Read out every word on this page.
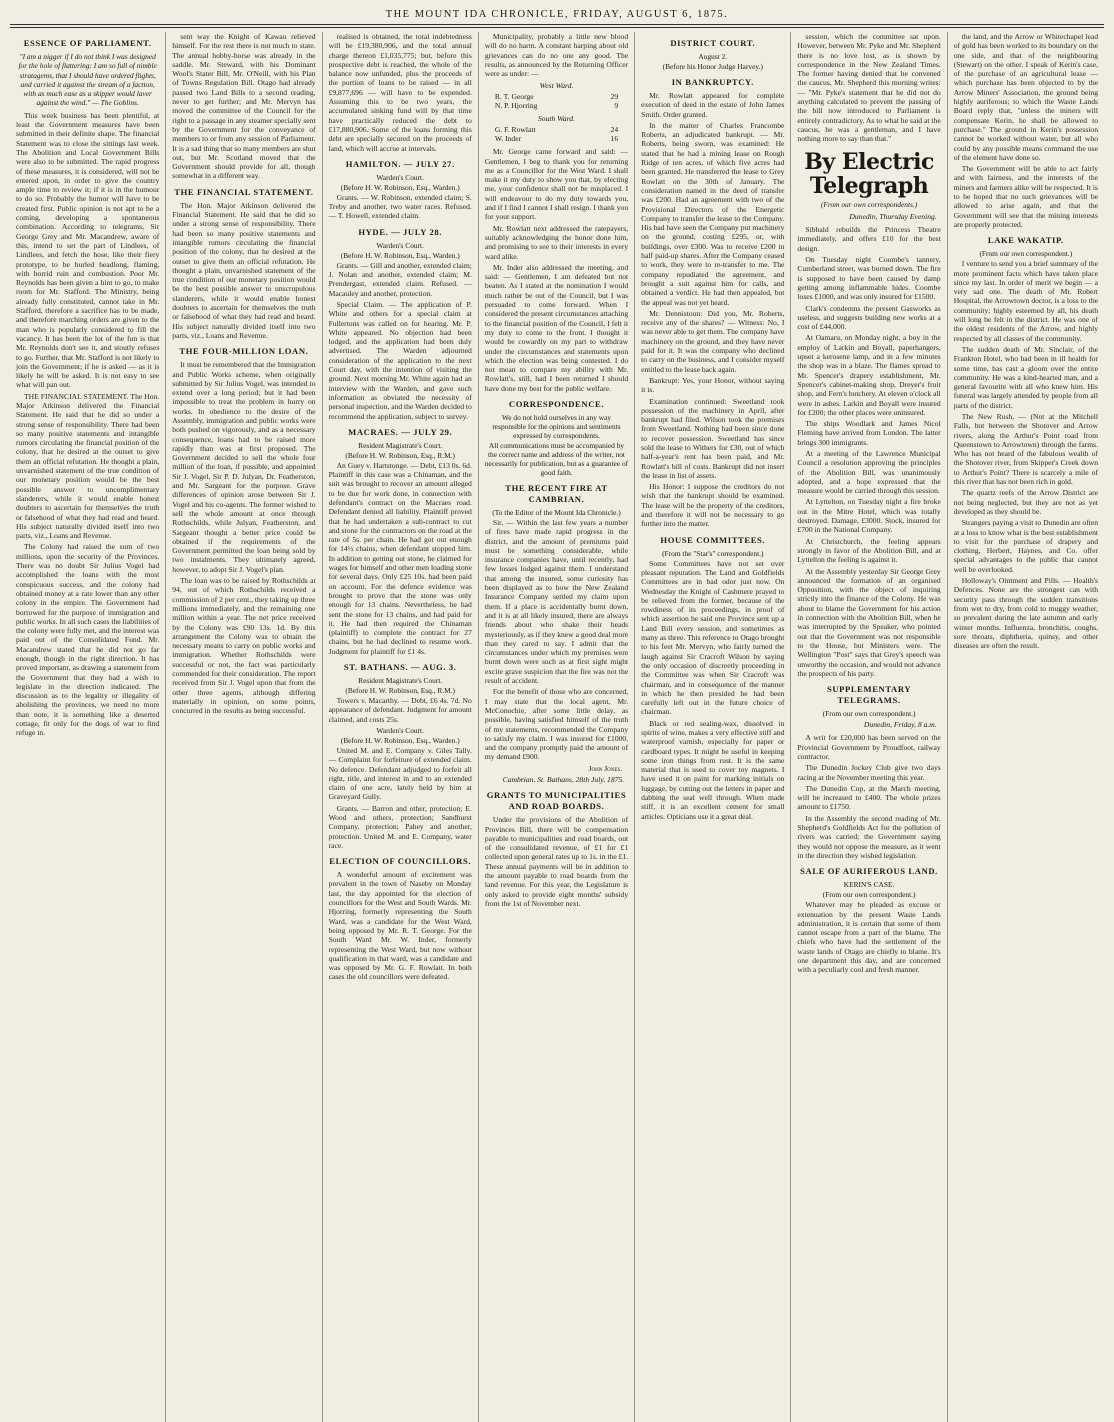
THE MOUNT IDA CHRONICLE, FRIDAY, AUGUST 6, 1875.
ESSENCE OF PARLIAMENT.
"I am a nigger if I do not think I was designed for the hole of flattering: I am so full of nimble stratagems, that I should have ordered flights, and carried it against the stream of a faction, with as much ease as a skipper would laver against the wind." — The Goblins.

This week business has been plentiful, at least the Government measures have been submitted in their definite shape. The financial Statement was to close the sittings last week. The Abolition and Local Government Bills were also to be submitted. The rapid progress of these measures, it is considered, will not be entered upon, in order to give the country ample time to review it; if it is in the humour to do so. Probably the humor will have to be created first. Public opinion is not apt to be a coming, developing a spontaneous combination. According to telegrams, Sir George Grey and Mr. Macandrew, aware of this, intend to set the part of Lindlees, of Lindlees, and fetch the hose, like their fiery prototype, to be hurled headlong, flaming, with horrid ruin and combustion. Poor Mr. Reynolds has been given a hint to go, to make room for Mr. Stafford. The Ministry, being already fully constituted, cannot take in Mr. Stafford, therefore a sacrifice has to be made, and therefore marching orders are given to the man who is popularly considered to fill the vacancy. It has been the lot of the fun is that Mr. Reynolds don't see it, and stoutly refuses to go. Further, that Mr. Stafford is not likely to join the Government; if he is asked — as it is likely he will be asked. It is not easy to see what will pan out.

THE FINANCIAL STATEMENT. The Hon. Major Atkinson delivered the Financial Statement. He said that he did so under a strong sense of responsibility. There had been so many positive statements and intangible rumors circulating the financial position of the colony, that he desired at the outset to give them an official refutation. He thought a plain, unvarnished statement of the true condition of our monetary position would be the best possible answer to uncomplimentary slanderers, while it would enable honest doubters to ascertain for themselves the truth or falsehood of what they had read and heard. His subject naturally divided itself into two parts, viz., Loans and Revenue.

The Colony had raised the sum of two millions, upon the security of the Provinces. There was no doubt Sir Julius Vogel had accomplished the loans with the most conspicuous success, and the colony had obtained money at a rate lower than any other colony in the empire. The Government had borrowed for the purpose of immigration and public works. In all such cases the liabilities of the colony were fully met, and the interest was paid out of the Consolidated Fund. Mr. Macandrew stated that he did not go far enough, though in the right direction. It has proved important, as drawing a statement from the Government that they had a wish to legislate in the direction indicated. The discussion as to the legality or illegality of abolishing the provinces, we need no more than note, it is something like a deserted cottage, fit only for the dogs of war to find refuge in.

sent way the Knight of Kawau relieved himself. For the rest there is not much to state. The annual hobby-horse was already in the saddle. Mr. Steward, with his Dominant Wool's Stater Bill, Mr. O'Neill, with his Plan of Towns Regulation Bill. Otago had already passed two Land Bills to a second reading, never to get further; and Mr. Mervyn has moved the committee of the Council for the right to a passage in any steamer specially sent by the Government for the conveyance of members to or from any session of Parliament. It is a sad thing that so many members are shut out, but Mr. Scotland moved that the Government should provide for all, though somewhat in a different way.

THE FINANCIAL STATEMENT.

The Hon. Major Atkinson delivered the Financial Statement. He said that he did so under a strong sense of responsibility. There had been so many positive statements and intangible rumors circulating the financial position of the colony, that he desired at the outset to give them an official refutation. He thought a plain, unvarnished statement of the true condition of our monetary position would be the best possible answer to unscrupulous slanderers, while it would enable honest doubters to ascertain for themselves the truth or falsehood of what they had read and heard. His subject naturally divided itself into two parts, viz., Loans and Revenue.

THE FOUR-MILLION LOAN.

It must be remembered that the Immigration and Public Works scheme, when originally submitted by Sir Julius Vogel, was intended to extend over a long period; but it had been impossible to treat the problem in hurry on works. In obedience to the desire of the Assembly, immigration and public works were both pushed on vigorously, and as a necessary consequence, loans had to be raised more rapidly than was at first proposed. The Government decided to sell the whole four million of the loan, if possible, and appointed Sir J. Vogel, Sir P. D. Julyan, Dr. Featherston, and Mr. Sargeant for the purpose. Grave differences of opinion arose between Sir J. Vogel and his co-agents. The former wished to sell the whole amount at once through Rothschilds, while Julyan, Featherston, and Sargeant thought a better price could be obtained if the requirements of the Government permitted the loan being sold by two instalments. They ultimately agreed, however, to adopt Sir J. Vogel's plan.

The loan was to be raised by Rothschilds at 94, out of which Rothschilds received a commission of 2 per cent., they taking up three millions immediately, and the remaining one million within a year. The net price received by the Colony was £90 13s. 1d. By this arrangement the Colony was to obtain the necessary means to carry on public works and immigration. Whether Rothschilds were successful or not, the fact was particularly commended for their consideration. The report received from Sir J. Vogel upon that from the other three agents, although differing materially in opinion, on some points, concurred in the results as being successful.

realised is obtained, the total indebtedness will be £19,380,906, and the total annual charge thereon £1,035,775; but, before this prospective debt is reached, the whole of the balance now unfunded, plus the proceeds of the portion of loans to be raised — in all £9,877,696 — will have to be expended. Assuming this to be two years, the accumulated sinking fund will by that time have practically reduced the debt to £17,880,906. Some of the loans forming this debt are specially secured on the proceeds of land, which will accrue at intervals.

HAMILTON. — JULY 27.
Warden's Court.
(Before H. W. Robinson, Esq., Warden.)

Grants. — W. Robinson, extended claim; S. Treby and another, two water races. Refused. — T. Howell, extended claim.

HYDE. — JULY 28.
Warden's Court.
(Before H. W. Robinson, Esq., Warden.)

Grants. — Gill and another, extended claim; J. Nolan and another, extended claim; M. Prendergast, extended claim. Refused. — Macauley and another, protection.

Special Claim. — The application of P. White and others for a special claim at Fullertons was called on for hearing. Mr. P. White appeared. No objection had been lodged, and the application had been duly advertised. The Warden adjourned consideration of the application to the next Court day, with the intention of visiting the ground. Next morning Mr. White again had an interview with the Warden, and gave such information as obviated the necessity of personal inspection, and the Warden decided to recommend the application, subject to survey.

MACRAES. — JULY 29.
Resident Magistrate's Court.
(Before H. W. Robinson, Esq., R.M.)

An Guey v. Hartstonge. — Debt, £13 0s. 6d. Plaintiff in this case was a Chinaman, and the suit was brought to recover an amount alleged to be due for work done, in connection with defendant's contract on the Macraes road. Defendant denied all liability. Plaintiff proved that he had undertaken a sub-contract to cut and stone for the contractors on the road at the rate of 5s. per chain. He had got out enough for 14½ chains, when defendant stopped him. In addition to getting out stone, he claimed for wages for himself and other men loading stone for several days. Only £25 10s. had been paid on account. For the defence evidence was brought to prove that the stone was only enough for 13 chains. Nevertheless, he had sent the stone for 13 chains, and had paid for it. He had then required the Chinaman (plaintiff) to complete the contract for 27 chains, but he had declined to resume work. Judgment for plaintiff for £1 4s.

ST. BATHANS. — AUG. 3.
Resident Magistrate's Court.
(Before H. W. Robinson, Esq., R.M.)

Towers v. Macarthy. — Debt, £6 4s. 7d. No appearance of defendant. Judgment for amount claimed, and costs 25s.

Warden's Court.
(Before H. W. Robinson, Esq., Warden.)

United M. and E. Company v. Giles Tally. — Complaint for forfeiture of extended claim. No defence. Defendant adjudged to forfeit all right, title, and interest in and to an extended claim of one acre, lately held by him at Graveyard Gully.

Grants. — Barron and other, protection; E. Wood and others, protection; Sandhurst Company, protection; Pahey and another, protection. United M. and E. Company, water race.

ELECTION OF COUNCILLORS.

A wonderful amount of excitement was prevalent in the town of Naseby on Monday last, the day appointed for the election of councillors for the West and South Wards. Mr. Hjorring, formerly representing the South Ward, was a candidate for the West Ward, being opposed by Mr. R. T. George. For the South Ward Mr. W. Inder, formerly representing the West Ward, but now without qualification in that ward, was a candidate and was opposed by Mr. G. F. Rowlatt. In both cases the old councillors were defeated.

Municipality, probably a little new blood will do no harm. A constant harping about old grievances can do no one any good. The results, as announced by the Returning Officer were as under: —

West Ward.
R. T. George	29
N. P. Hjorring	9
South Ward.
G. F. Rowlatt	24
W. Inder	16

Mr. George came forward and said: — Gentlemen, I beg to thank you for returning me as a Councillor for the West Ward. I shall make it my duty to show you that, by electing me, your confidence shall not be misplaced. I will endeavour to do my duty towards you, and if I find I cannot I shall resign. I thank you for your support.

Mr. Rowlatt next addressed the ratepayers, suitably acknowledging the honor done him, and promising to see to their interests in every ward alike.

Mr. Inder also addressed the meeting, and said: — Gentlemen, I am defeated but not beaten. As I stated at the nomination I would much rather be out of the Council, but I was persuaded to come forward. When I considered the present circumstances attaching to the financial position of the Council, I felt it my duty to come to the front. I thought it would be cowardly on my part to withdraw under the circumstances and statements upon which the election was being contested. I do not mean to compare my ability with Mr. Rowlatt's, still, had I been returned I should have done my best for the public welfare.

CORRESPONDENCE.
We do not hold ourselves in any way responsible for the opinions and sentiments expressed by correspondents.
All communications must be accompanied by the correct name and address of the writer, not necessarily for publication, but as a guarantee of good faith.
THE RECENT FIRE AT CAMBRIAN.
(To the Editor of the Mount Ida Chronicle.)

Sir, — Within the last few years a number of fires have made rapid progress in the district, and the amount of premiums paid must be something considerable, while insurance companies have, until recently, had few losses lodged against them. I understand that among the insured, some curiosity has been displayed as to how the New Zealand Insurance Company settled my claim upon them. If a place is accidentally burnt down, and it is at all likely insured, there are always friends about who shake their heads mysteriously, as if they knew a good deal more than they cared to say. I admit that the circumstances under which my premises were burnt down were such as at first sight might excite grave suspicion that the fire was not the result of accident.

For the benefit of those who are concerned, I may state that the local agent, Mr. McConochie, after some little delay, as possible, having satisfied himself of the truth of my statements, recommended the Company to satisfy my claim. I was insured for £1000, and the company promptly paid the amount of my demand £900.

John Jones.
Cambrian, St. Bathans, 28th July, 1875.
GRANTS TO MUNICIPALITIES AND ROAD BOARDS.

Under the provisions of the Abolition of Provinces Bill, there will be compensation payable to municipalities and road boards, out of the consolidated revenue, of £1 for £1 collected upon general rates up to 1s. in the £1. These annual payments will be in addition to the amount payable to road boards from the land revenue. For this year, the Legislature is only asked to provide eight months' subsidy from the 1st of November next.

DISTRICT COURT.
August 2.
(Before his Honor Judge Harvey.)
IN BANKRUPTCY.

Mr. Rowlatt appeared for complete execution of deed in the estate of John James Smith. Order granted.

In the matter of Charles Francombe Roberts, an adjudicated bankrupt. — Mr. Roberts, being sworn, was examined: He stated that he had a mining lease on Rough Ridge of ten acres, of which five acres had been granted. He transferred the lease to Grey Rowlatt on the 30th of January. The consideration named in the deed of transfer was £200. Had an agreement with two of the Provisional Directors of the Energetic Company to transfer the lease to the Company. His bad have seen the Company put machinery on the ground, costing £295, or, with buildings, over £300. Was to receive £200 in half paid-up shares. After the Company ceased to work, they were to re-transfer to me. The company repudiated the agreement, and brought a suit against him for calls, and obtained a verdict. He had then appealed, but the appeal was not yet heard.

Mr. Dennistoun: Did you, Mr. Roberts, receive any of the shares? — Witness: No, I was never able to get them. The company have machinery on the ground, and they have never paid for it. It was the company who declined to carry on the business, and I consider myself entitled to the lease back again.

Bankrupt: Yes, your Honor, without saying it is.

Examination continued: Sweetland took possession of the machinery in April, after bankrupt had filed. Wilson took the premises from Sweetland. Nothing had been since done to recover possession. Sweetland has since sold the lease to Withers for £30, out of which half-a-year's rent has been paid, and Mr. Rowlatt's bill of costs. Bankrupt did not insert the lease in list of assets.

His Honor: I suppose the creditors do not wish that the bankrupt should be examined. The lease will be the property of the creditors, and therefore it will not be necessary to go further into the matter.

HOUSE COMMITTEES.
(From the "Star's" correspondent.)

Some Committees have not set over pleasant reputation. The Land and Goldfields Committees are in bad odor just now. On Wednesday the Knight of Cashmere prayed to be relieved from the former, because of the rowdiness of its proceedings, in proof of which assertion he said one Province sent up a Land Bill every session, and sometimes as many as three. This reference to Otago brought to his feet Mr. Mervyn, who fairly turned the laugh against Sir Cracroft Wilson by saying the only occasion of discreetly proceeding in the Committee was when Sir Cracroft was chairman, and in consequence of the manner in which he then presided he had been carefully left out in the future choice of chairman.

Black or red sealing-wax, dissolved in spirits of wine, makes a very effective stiff and waterproof varnish, especially for paper or cardboard types. It might be useful in keeping some iron things from rust. It is the same material that is used to cover toy magnets. I have used it on paint for marking initials on luggage, by cutting out the letters in paper and dabbing the seal well through. When made stiff, it is an excellent cement for small articles. Opticians use it a great deal.

session, which the committee sat upon. However, between Mr. Pyke and Mr. Shepherd there is no love lost, as is shown by correspondence in the New Zealand Times. The former having denied that he convened the caucus, Mr. Shepherd this morning writes: — "Mr. Pyke's statement that he did not do anything calculated to prevent the passing of the bill now introduced to Parliament is entirely contradictory. As to what he said at the caucus, he was a gentleman, and I have nothing more to say than that."

By Electric Telegraph
(From our own correspondents.)
Dunedin, Thursday Evening.

Sibbald rebuilds the Princess Theatre immediately, and offers £10 for the best design.

On Tuesday night Coombe's tannery, Cumberland street, was burned down. The fire is supposed to have been caused by damp getting among inflammable hides. Coombe loses £1000, and was only insured for £1500.

Clark's condemns the present Gasworks as useless, and suggests building new works at a cost of £44,000.

At Oamaru, on Monday night, a boy in the employ of Larkin and Boyall, paperhangers, upset a kerosene lamp, and in a few minutes the shop was in a blaze. The flames spread to Mr. Spencer's drapery establishment, Mr. Spencer's cabinet-making shop, Dreyer's fruit shop, and Fern's butchery. At eleven o'clock all were in ashes. Larkin and Boyall were insured for £200; the other places were uninsured.

The ships Woodlark and James Nicol Fleming have arrived from London. The latter brings 300 immigrants.

At a meeting of the Lawrence Municipal Council a resolution approving the principles of the Abolition Bill, was unanimously adopted, and a hope expressed that the measure would be carried through this session.

At Lyttelton, on Tuesday night a fire broke out in the Mitre Hotel, which was totally destroyed. Damage, £3000. Stock, insured for £700 in the National Company.

At Christchurch, the feeling appears strongly in favor of the Abolition Bill, and at Lyttelton the feeling is against it.

At the Assembly yesterday Sir George Grey announced the formation of an organised Opposition, with the object of inquiring strictly into the finance of the Colony. He was about to blame the Government for his action in connection with the Abolition Bill, when he was interrupted by the Speaker, who pointed out that the Government was not responsible to the House, but Ministers were. The Wellington "Post" says that Grey's speech was unworthy the occasion, and would not advance the prospects of his party.

SUPPLEMENTARY TELEGRAMS.
(From our own correspondent.)
Dunedin, Friday, 8 a.m.

A writ for £20,000 has been served on the Provincial Government by Proudfoot, railway contractor.

The Dunedin Jockey Club give two days racing at the November meeting this year.

The Dunedin Cup, at the March meeting, will be increased to £400. The whole prizes amount to £1750.

In the Assembly the second reading of Mr. Shepherd's Goldfields Act for the pollution of rivers was carried; the Government saying they would not oppose the measure, as it went in the direction they wished legislation.

SALE OF AURIFEROUS LAND.
KERIN'S CASE.
(From our own correspondent.)

Whatever may be pleaded as excuse or extenuation by the present Waste Lands administration, it is certain that some of them cannot escape from a part of the blame. The chiefs who have had the settlement of the waste lands of Otago are chiefly to blame. It's one department this day, and are concerned with a peculiarly cool and fresh manner.

the land, and the Arrow or Whitechapel lead of gold has been worked to its boundary on the one side, and that of the neighbouring (Stewart) on the other. I speak of Kerin's case, of the purchase of an agricultural lease — which purchase has been objected to by the Arrow Miners' Association, the ground being highly auriferous; to which the Waste Lands Board reply that, "unless the miners will compensate Kerin, he shall be allowed to purchase." The ground in Kerin's possession cannot be worked without water, but all who could by any possible means command the use of the element have done so.

The Government will be able to act fairly and with fairness, and the interests of the miners and farmers alike will be respected. It is to be hoped that no such grievances will be allowed to arise again, and that the Government will see that the mining interests are properly protected.

LAKE WAKATIP.
(From our own correspondent.)

I venture to send you a brief summary of the more prominent facts which have taken place since my last. In order of merit we begin — a very sad one. The death of Mr. Robert Hospital, the Arrowtown doctor, is a loss to the community; highly esteemed by all, his death will long be felt in the district. He was one of the oldest residents of the Arrow, and highly respected by all classes of the community.

The sudden death of Mr. Sinclair, of the Frankton Hotel, who had been in ill health for some time, has cast a gloom over the entire community. He was a kind-hearted man, and a general favourite with all who knew him. His funeral was largely attended by people from all parts of the district.

The New Rush, — (Not at the Mitchell Falls, but between the Shotover and Arrow rivers, along the Arthur's Point road from Queenstown to Arrowtown) through the farms. Who has not heard of the fabulous wealth of the Shotover river, from Skipper's Creek down to Arthur's Point? There is scarcely a mile of this river that has not been rich in gold.

The quartz reefs of the Arrow District are not being neglected, but they are not as yet developed as they should be.

Strangers paying a visit to Dunedin are often at a loss to know what is the best establishment to visit for the purchase of drapery and clothing, Herbert, Haynes, and Co. offer special advantages to the public that cannot well be overlooked.

Holloway's Ointment and Pills. — Health's Defences. None are the strongest can with security pass through the sudden transitions from wet to dry, from cold to muggy weather, so prevalent during the late autumn and early winter months. Influenza, bronchitis, coughs, sore throats, diphtheria, quinsy, and other diseases are often the result.
